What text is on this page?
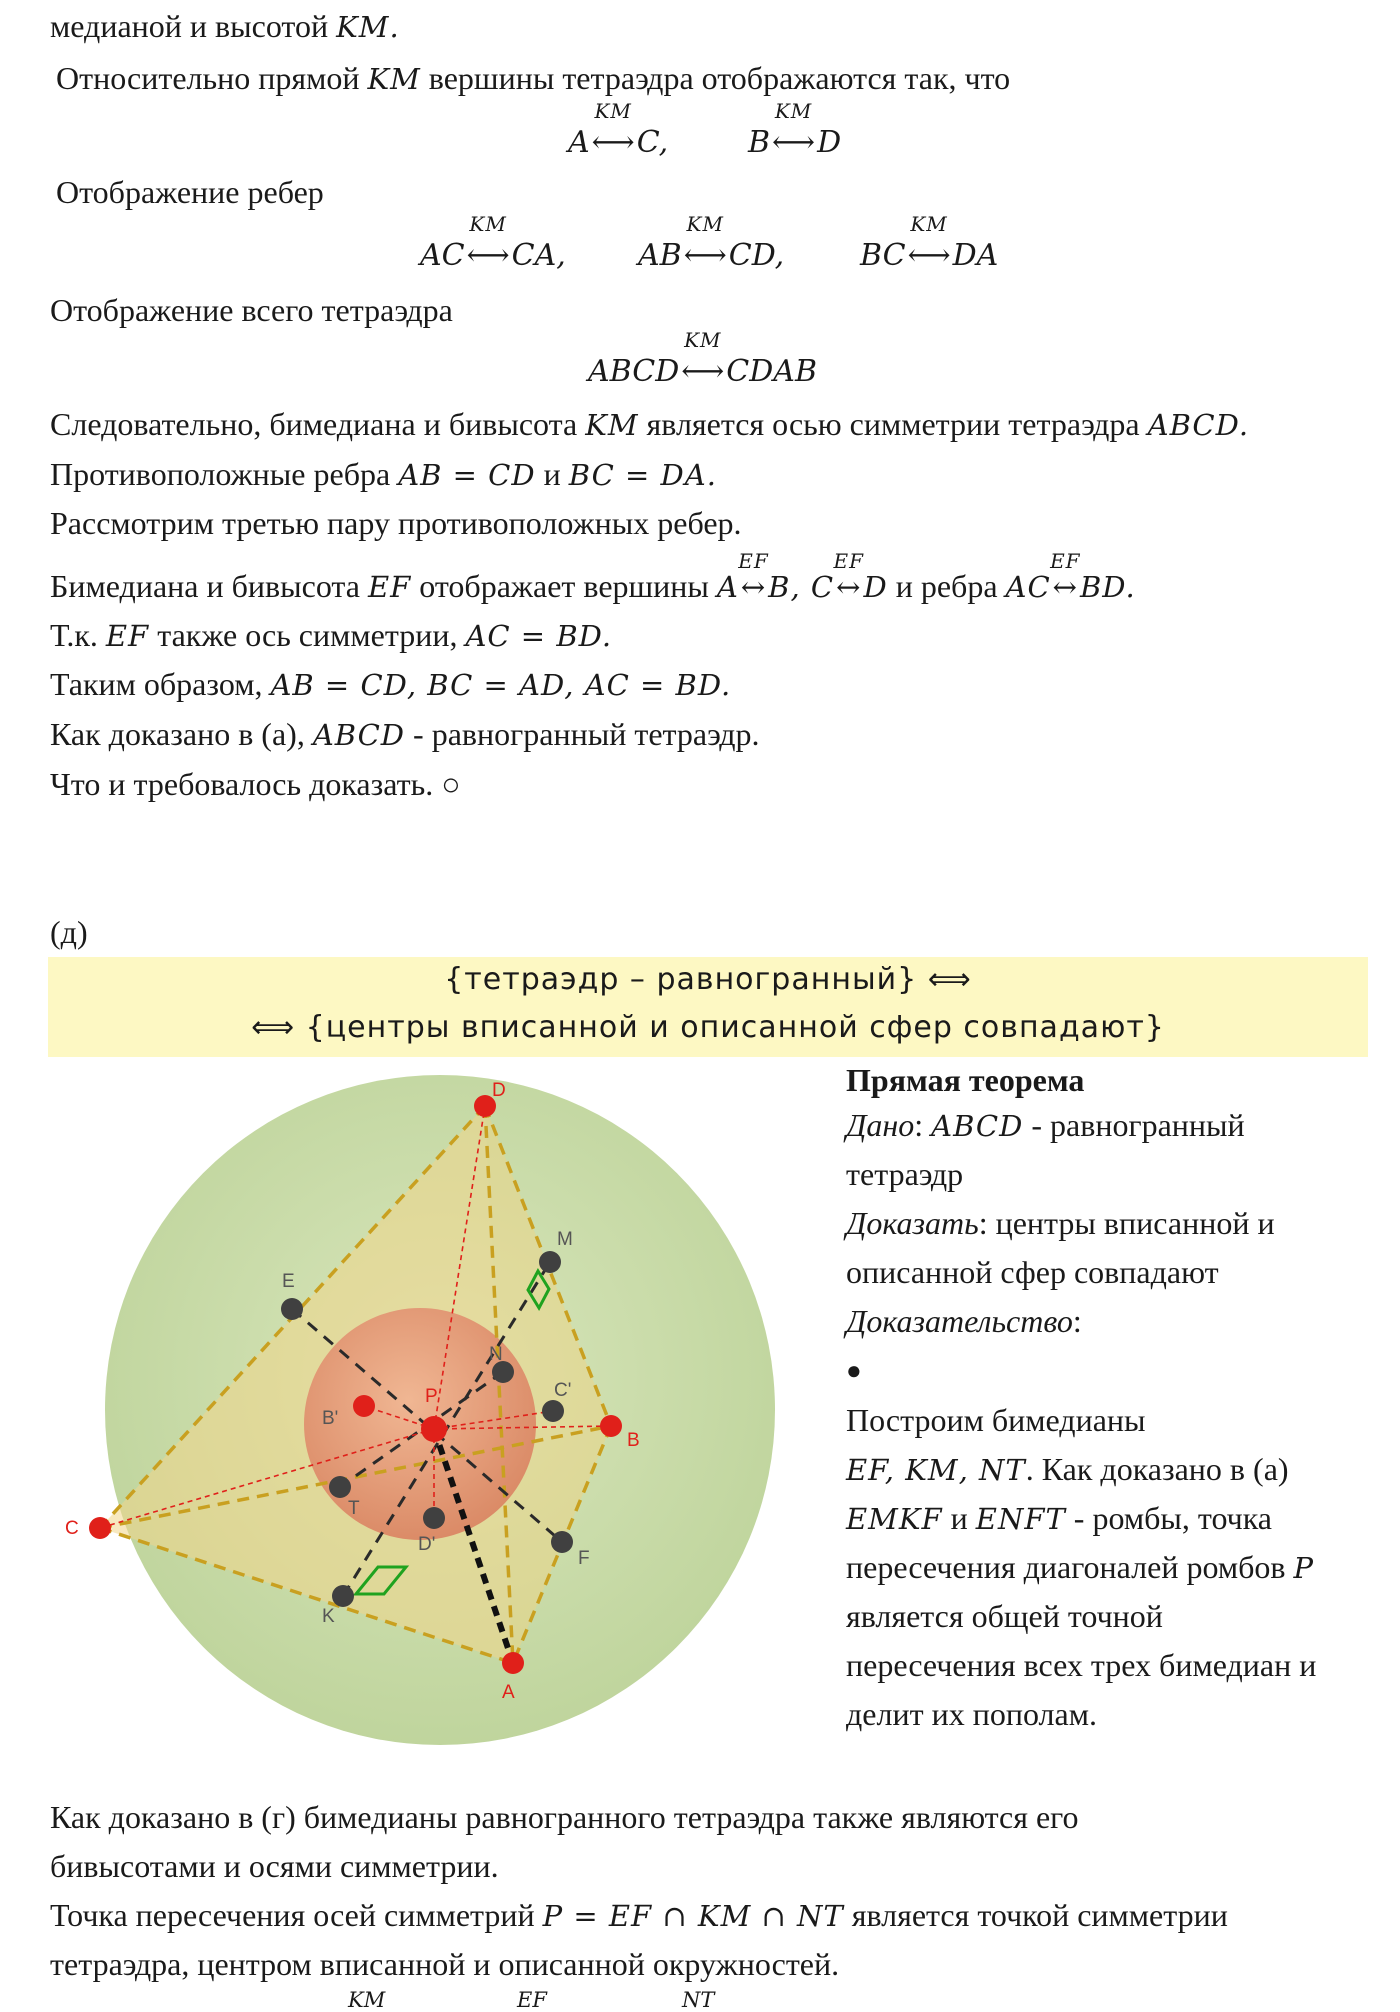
медианой и высотой KM.
Относительно прямой KM вершины тетраэдра отображаются так, что
A
KM
⟷C,	B
KM
⟷D
Отображение ребер
AC
KM
⟷CA, AB
KM
⟷CD,	BC
KM
⟷DA
Отображение всего тетраэдра
ABCD
KM
⟷CDAB
Следовательно, бимедиана и бивысота KM является осью симметрии тетраэдра ABCD.
Противоположные ребра AB = CD и BC = DA.
Рассмотрим третью пару противоположных ребер.
Бимедиана и бивысота EF отображает вершины A
EF
↔B, C
EF
↔D и ребра AC
EF
↔BD.
Т.к. EF также ось симметрии, AC = BD.
Таким образом, AB = CD, BC = AD, AC = BD.
Как доказано в (а), ABCD - равногранный тетраэдр.
Что и требовалось доказать. ○
(д)
{тетраэдр – равногранный} ⟺
⟺ {центры вписанной и описанной сфер совпадают}
D
C
B
A
P
E
M
N
C'
B'
T
D'
F
K
Прямая теорема
Дано: ABCD - равногранный
тетраэдр
Доказать: центры вписанной и
описанной сфер совпадают
Доказательство:
●
Построим бимедианы
EF, KM, NT. Как доказано в (а)
EMKF и ENFT - ромбы, точка
пересечения диагоналей ромбов P
является общей точной
пересечения всех трех бимедиан и
делит их пополам.
Как доказано в (г) бимедианы равногранного тетраэдра также являются его
бивысотами и осями симметрии.
Точка пересечения осей симметрий P = EF ∩ KM ∩ NT является точкой симметрии
тетраэдра, центром вписанной и описанной окружностей.
KM	EF	NT
